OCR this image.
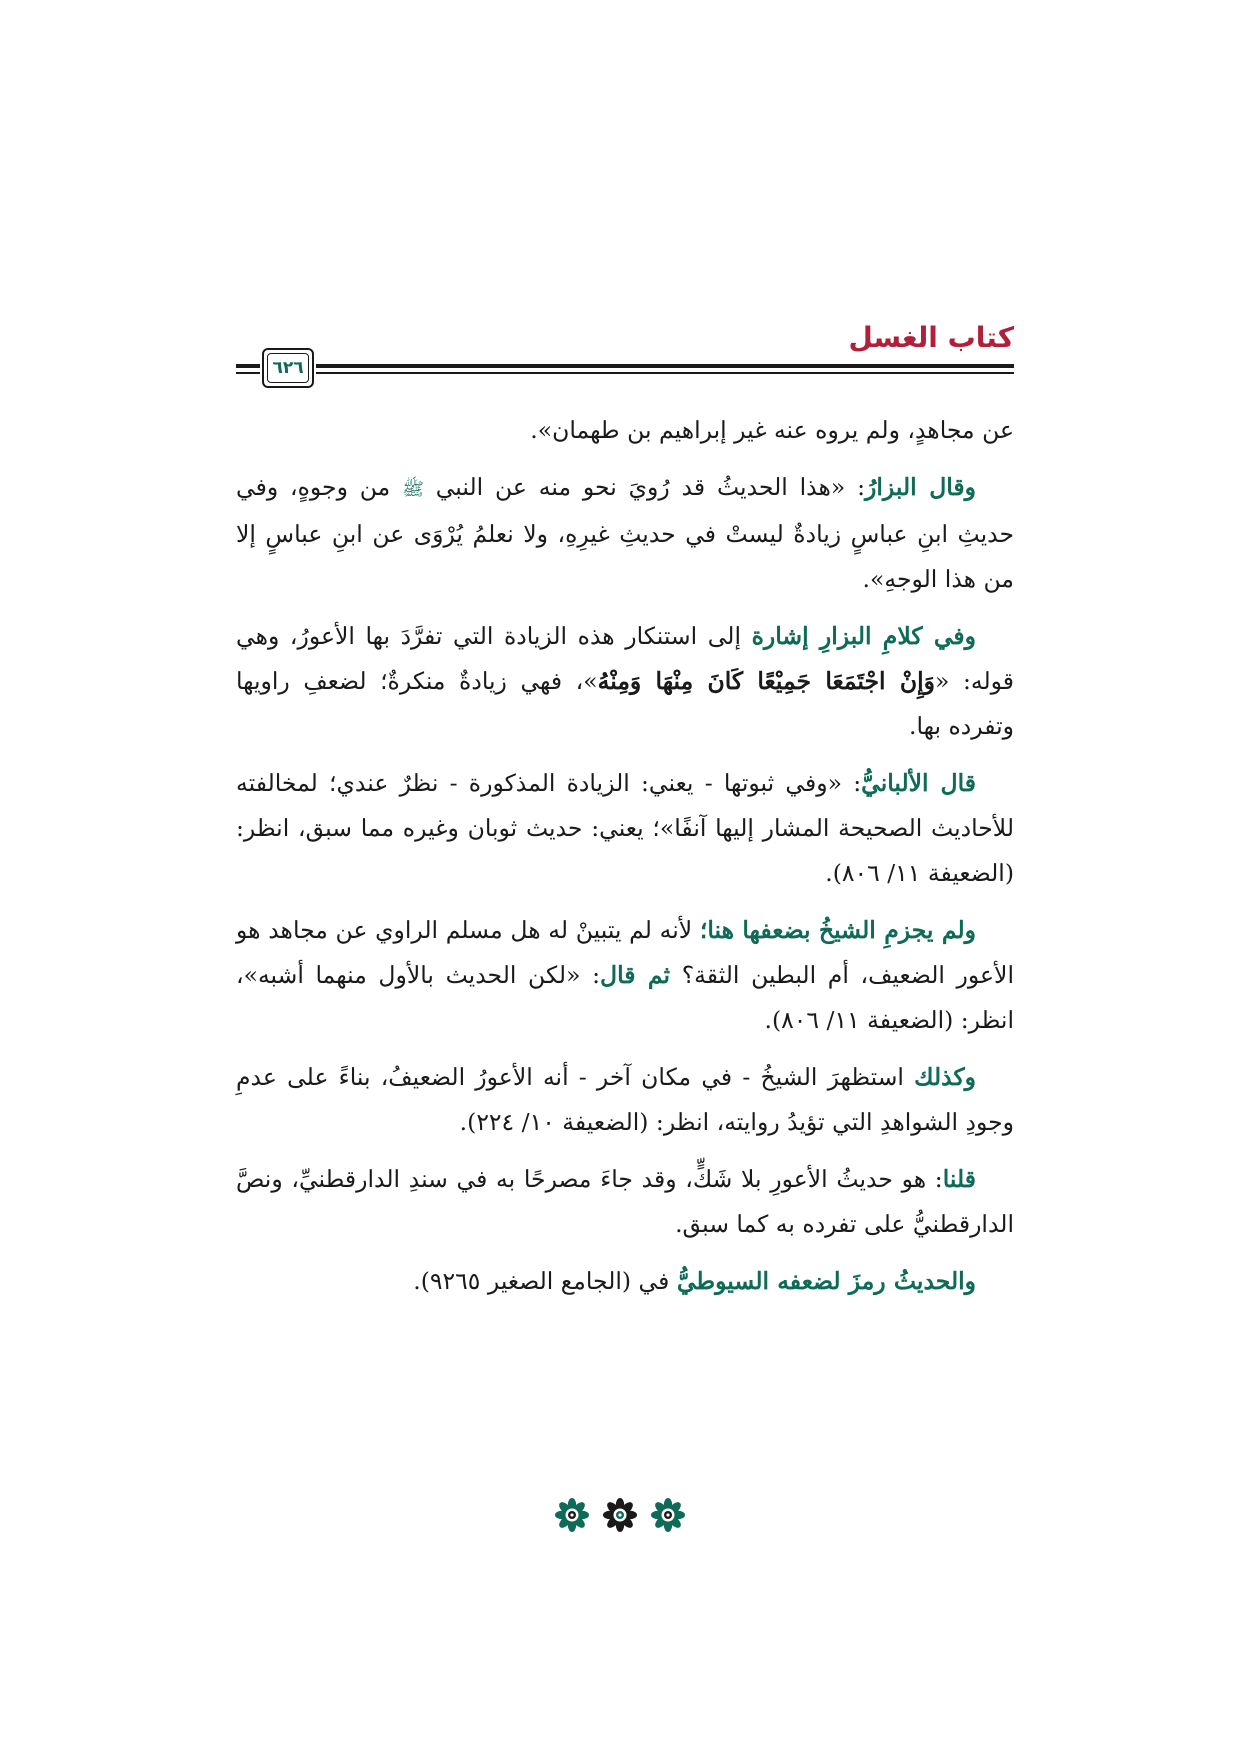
كتاب الغسل
٦٢٦

عن مجاهدٍ، ولم يروه عنه غير إبراهيم بن طهمان».

وقال البزارُ: «هذا الحديثُ قد رُويَ نحو منه عن النبي ﷺ من وجوهٍ، وفي حديثِ ابنِ عباسٍ زيادةٌ ليستْ في حديثِ غيرِهِ، ولا نعلمُ يُرْوَى عن ابنِ عباسٍ إلا من هذا الوجهِ».

وفي كلامِ البزارِ إشارة إلى استنكار هذه الزيادة التي تفرَّدَ بها الأعورُ، وهي قوله: «وَإِنْ اجْتَمَعَا جَمِيْعًا كَانَ مِنْهَا وَمِنْهُ»، فهي زيادةٌ منكرةٌ؛ لضعفِ راويها وتفرده بها.

قال الألبانيُّ: «وفي ثبوتها - يعني: الزيادة المذكورة - نظرٌ عندي؛ لمخالفته للأحاديث الصحيحة المشار إليها آنفًا»؛ يعني: حديث ثوبان وغيره مما سبق، انظر: (الضعيفة ١١/ ٨٠٦).

ولم يجزمِ الشيخُ بضعفها هنا؛ لأنه لم يتبينْ له هل مسلم الراوي عن مجاهد هو الأعور الضعيف، أم البطين الثقة؟ ثم قال: «لكن الحديث بالأول منهما أشبه»، انظر: (الضعيفة ١١/ ٨٠٦).

وكذلك استظهرَ الشيخُ - في مكان آخر - أنه الأعورُ الضعيفُ، بناءً على عدمِ وجودِ الشواهدِ التي تؤيدُ روايته، انظر: (الضعيفة ١٠/ ٢٢٤).

قلنا: هو حديثُ الأعورِ بلا شَكٍّ، وقد جاءَ مصرحًا به في سندِ الدارقطنيِّ، ونصَّ الدارقطنيُّ على تفرده به كما سبق.

والحديثُ رمزَ لضعفه السيوطيُّ في (الجامع الصغير ٩٢٦٥).
